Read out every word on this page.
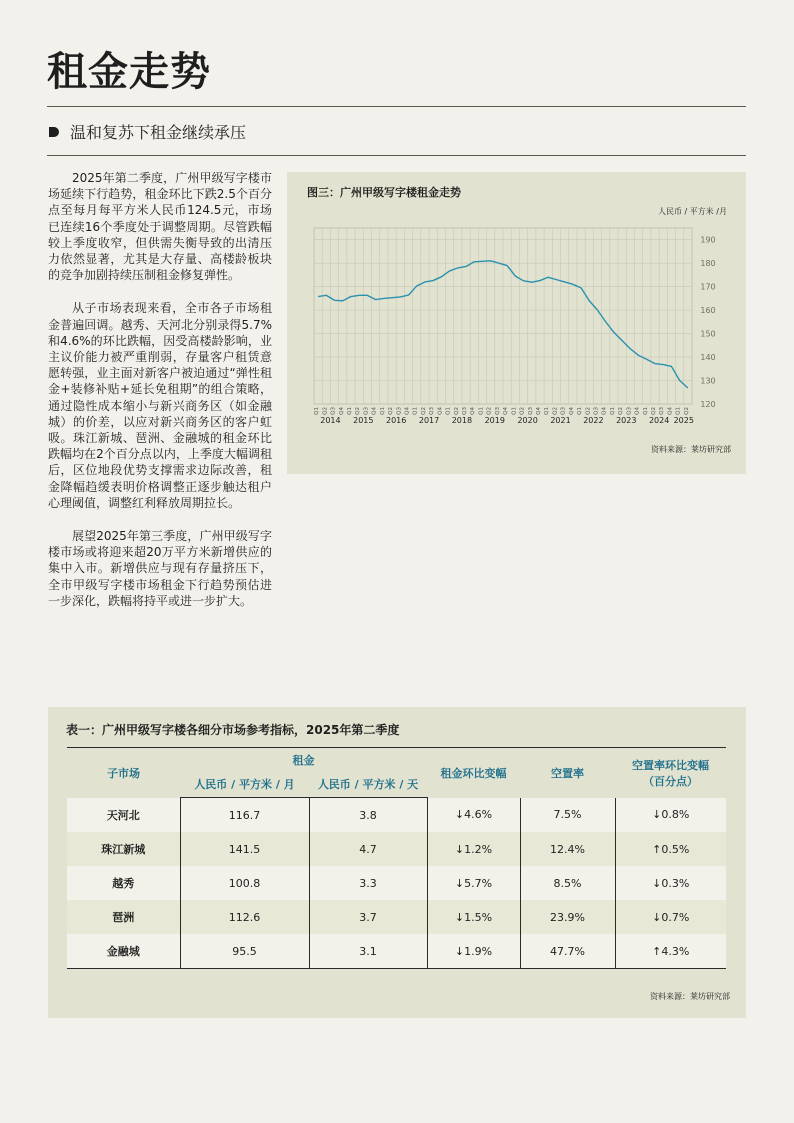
租金走势
温和复苏下租金继续承压

2025年第二季度，广州甲级写字楼市场延续下行趋势，租金环比下跌2.5个百分点至每月每平方米人民币124.5元，市场已连续16个季度处于调整周期。尽管跌幅较上季度收窄，但供需失衡导致的出清压力依然显著，尤其是大存量、高楼龄板块的竞争加剧持续压制租金修复弹性。

从子市场表现来看，全市各子市场租金普遍回调。越秀、天河北分别录得5.7%和4.6%的环比跌幅，因受高楼龄影响，业主议价能力被严重削弱，存量客户租赁意愿转强，业主面对新客户被迫通过“弹性租金+装修补贴+延长免租期”的组合策略，通过隐性成本缩小与新兴商务区（如金融城）的价差，以应对新兴商务区的客户虹吸。珠江新城、琶洲、金融城的租金环比跌幅均在2个百分点以内，上季度大幅调租后，区位地段优势支撑需求边际改善，租金降幅趋缓表明价格调整正逐步触达租户心理阈值，调整红利释放周期拉长。

展望2025年第三季度，广州甲级写字楼市场或将迎来超20万平方米新增供应的集中入市。新增供应与现有存量挤压下，全市甲级写字楼市场租金下行趋势预估进一步深化，跌幅将持平或进一步扩大。

图三：广州甲级写字楼租金走势
人民币 / 平方米 /月
120
130
140
150
160
170
180
190
Q1 Q2 Q3 Q4 Q1 Q2 Q3 Q4 Q1 Q2 Q3 Q4 Q1 Q2 Q3 Q4 Q1 Q2 Q3 Q4 Q1 Q2 Q3 Q4 Q1 Q2 Q3 Q4 Q1 Q2 Q3 Q4 Q1 Q2 Q3 Q4 Q1 Q2 Q3 Q4 Q1 Q2 Q3 Q4 Q1 Q2
2014 2015 2016 2017 2018 2019 2020 2021 2022 2023 2024 2025
资料来源：莱坊研究部
表一：广州甲级写字楼各细分市场参考指标，2025年第二季度
子市场	租金		租金环比变幅	空置率	空置率环比变幅
（百分点）
	人民币 / 平方米 / 月	人民币 / 平方米 / 天			
天河北	116.7	3.8	↓4.6%	7.5%	↓0.8%
珠江新城	141.5	4.7	↓1.2%	12.4%	↑0.5%
越秀	100.8	3.3	↓5.7%	8.5%	↓0.3%
琶洲	112.6	3.7	↓1.5%	23.9%	↓0.7%
金融城	95.5	3.1	↓1.9%	47.7%	↑4.3%
资料来源：莱坊研究部
